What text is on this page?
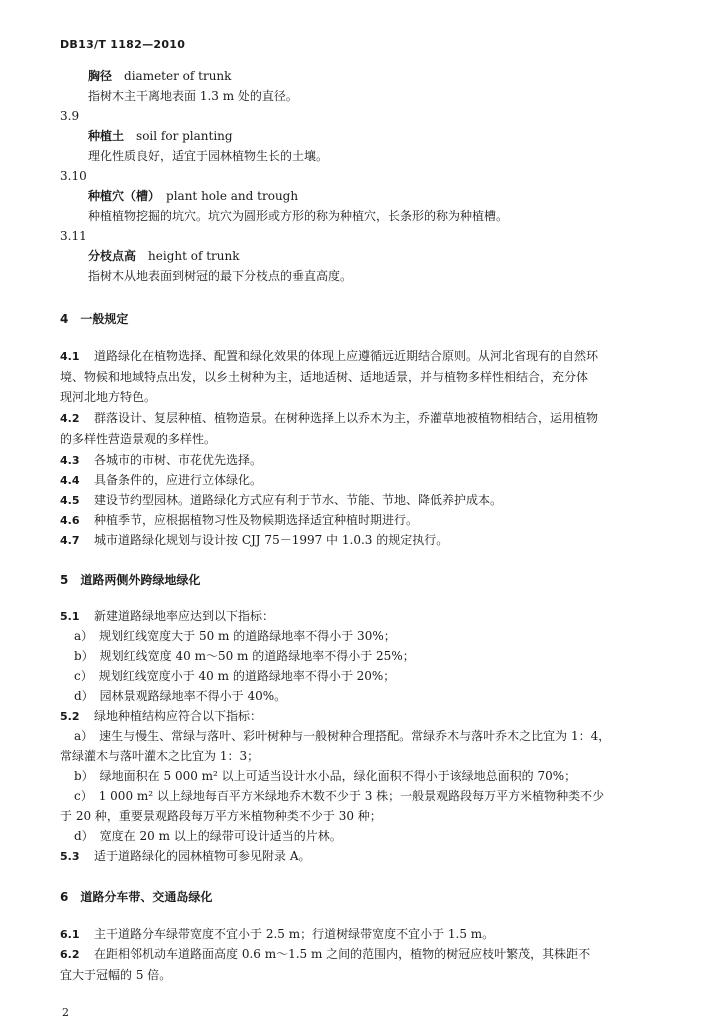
DB13/T 1182—2010
胸径　 diameter of trunk
指树木主干离地表面 1.3 m 处的直径。
3.9
种植土　 soil for planting
理化性质良好，适宜于园林植物生长的土壤。
3.10
种植穴（槽）　 plant hole and trough
种植植物挖掘的坑穴。坑穴为圆形或方形的称为种植穴，长条形的称为种植槽。
3.11
分枝点高　 height of trunk
指树木从地表面到树冠的最下分枝点的垂直高度。
4　一般规定
4.1 道路绿化在植物选择、配置和绿化效果的体现上应遵循远近期结合原则。从河北省现有的自然环
境、物候和地域特点出发，以乡土树种为主，适地适树、适地适景，并与植物多样性相结合，充分体
现河北地方特色。
4.2 群落设计、复层种植、植物造景。在树种选择上以乔木为主，乔灌草地被植物相结合，运用植物
的多样性营造景观的多样性。
4.3 各城市的市树、市花优先选择。
4.4 具备条件的，应进行立体绿化。
4.5 建设节约型园林。道路绿化方式应有利于节水、节能、节地、降低养护成本。
4.6 种植季节，应根据植物习性及物候期选择适宜种植时期进行。
4.7 城市道路绿化规划与设计按 CJJ 75－1997 中 1.0.3 的规定执行。
5　道路两侧外跨绿地绿化
5.1 新建道路绿地率应达到以下指标：
a）　规划红线宽度大于 50 m 的道路绿地率不得小于 30%；
b）　规划红线宽度 40 m～50 m 的道路绿地率不得小于 25%；
c）　规划红线宽度小于 40 m 的道路绿地率不得小于 20%；
d）　园林景观路绿地率不得小于 40%。
5.2 绿地种植结构应符合以下指标：
a）　速生与慢生、常绿与落叶、彩叶树种与一般树种合理搭配。常绿乔木与落叶乔木之比宜为 1：4，
常绿灌木与落叶灌木之比宜为 1：3；
b）　绿地面积在 5 000 m² 以上可适当设计水小品，绿化面积不得小于该绿地总面积的 70%；
c）　1 000 m² 以上绿地每百平方米绿地乔木数不少于 3 株；一般景观路段每万平方米植物种类不少
于 20 种，重要景观路段每万平方米植物种类不少于 30 种；
d）　宽度在 20 m 以上的绿带可设计适当的片林。
5.3 适于道路绿化的园林植物可参见附录 A。
6　道路分车带、交通岛绿化
6.1 主干道路分车绿带宽度不宜小于 2.5 m；行道树绿带宽度不宜小于 1.5 m。
6.2 在距相邻机动车道路面高度 0.6 m～1.5 m 之间的范围内，植物的树冠应枝叶繁茂，其株距不
宜大于冠幅的 5 倍。
2
